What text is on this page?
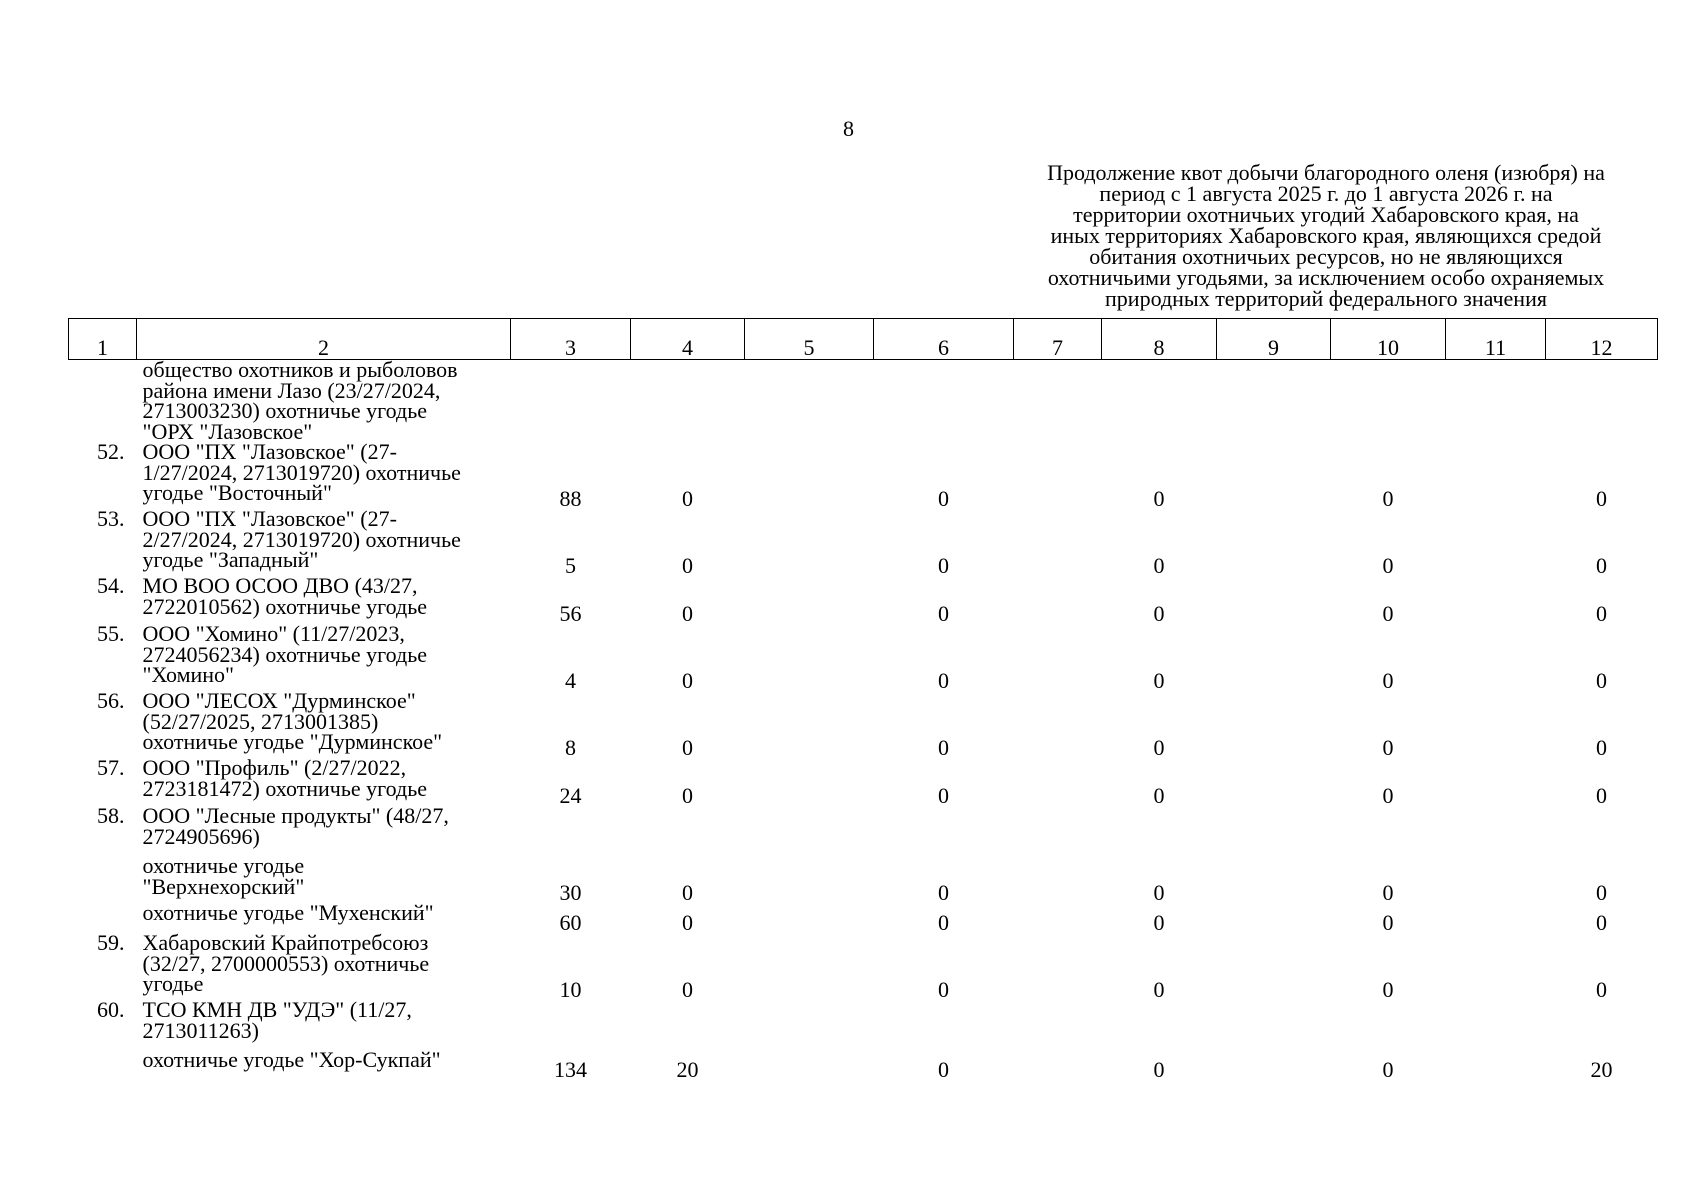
8
Продолжение квот добычи благородного оленя (изюбря) на
период с 1 августа 2025 г. до 1 августа 2026 г. на
территории охотничьих угодий Хабаровского края, на
иных территориях Хабаровского края, являющихся средой
обитания охотничьих ресурсов, но не являющихся
охотничьими угодьями, за исключением особо охраняемых
природных территорий федерального значения
1	2	3	4	5	6	7	8	9	10	11	12

	общество охотников и рыболовов
района имени Лазо (23/27/2024,
2713003230) охотничье угодье
"ОРХ "Лазовское"										

52.	ООО "ПХ "Лазовское" (27-
1/27/2024, 2713019720) охотничье
угодье "Восточный"	88	0		0		0		0		0
53.	ООО "ПХ "Лазовское" (27-
2/27/2024, 2713019720) охотничье
угодье "Западный"	5	0		0		0		0		0
54.	МО ВОО ОСОО ДВО (43/27,
2722010562) охотничье угодье	56	0		0		0		0		0
55.	ООО "Хомино" (11/27/2023,
2724056234) охотничье угодье
"Хомино"	4	0		0		0		0		0
56.	ООО "ЛЕСОХ "Дурминское"
(52/27/2025, 2713001385)
охотничье угодье "Дурминское"	8	0		0		0		0		0
57.	ООО "Профиль" (2/27/2022,
2723181472) охотничье угодье	24	0		0		0		0		0
58.	ООО "Лесные продукты" (48/27,
2724905696)										

	охотничье угодье
"Верхнехорский"	30	0		0		0		0		0

	охотничье угодье "Мухенский"	60	0		0		0		0		0
59.	Хабаровский Крайпотребсоюз
(32/27, 2700000553) охотничье
угодье	10	0		0		0		0		0
60.	ТСО КМН ДВ "УДЭ" (11/27,
2713011263)										

	охотничье угодье "Хор-Сукпай"	134	20		0		0		0		20
